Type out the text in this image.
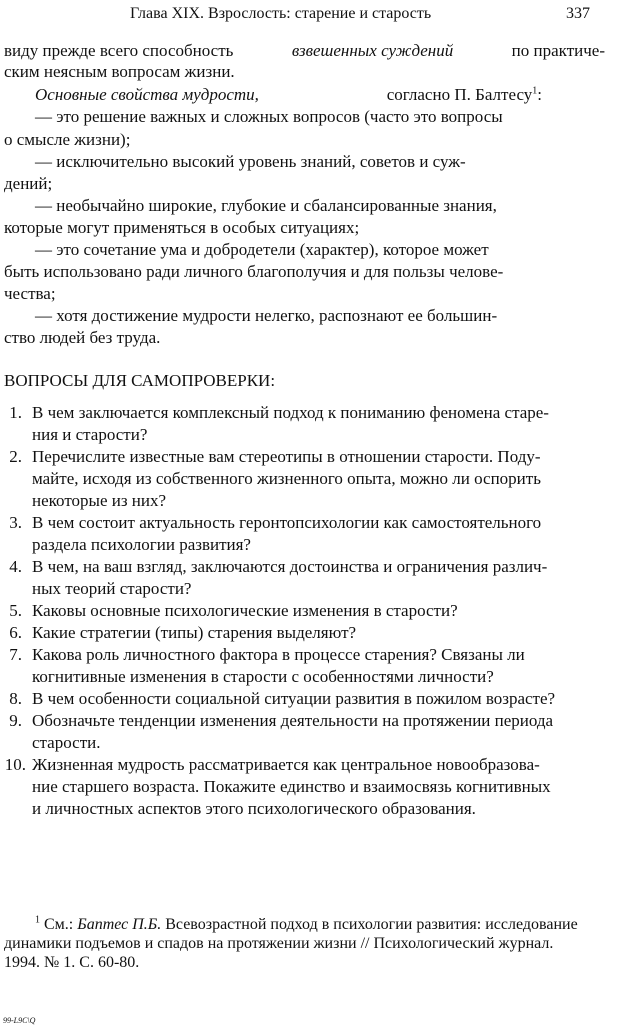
Глава XIX. Взрослость: старение и старость	337
виду прежде всего способность	взвешенных суждений	по практиче-
ским неясным вопросам жизни.
Основные свойства мудрости,	согласно П. Балтесу$^1$:
— это решение важных и сложных вопросов (часто это вопросы
о смысле жизни);
— исключительно высокий уровень знаний, советов и суж-
дений;
— необычайно широкие, глубокие и сбалансированные знания,
которые могут применяться в особых ситуациях;
— это сочетание ума и добродетели (характер), которое может
быть использовано ради личного благополучия и для пользы челове-
чества;
— хотя достижение мудрости нелегко, распознают ее большин-
ство людей без труда.
ВОПРОСЫ ДЛЯ САМОПРОВЕРКИ:
1. В чем заключается комплексный подход к пониманию феномена старе-
ния и старости?
2. Перечислите известные вам стереотипы в отношении старости. Поду-
майте, исходя из собственного жизненного опыта, можно ли оспорить
некоторые из них?
3. В чем состоит актуальность геронтопсихологии как самостоятельного
раздела психологии развития?
4. В чем, на ваш взгляд, заключаются достоинства и ограничения различ-
ных теорий старости?
5. Каковы основные психологические изменения в старости?
6. Какие стратегии (типы) старения выделяют?
7. Какова роль личностного фактора в процессе старения? Связаны ли
когнитивные изменения в старости с особенностями личности?
8. В чем особенности социальной ситуации развития в пожилом возрасте?
9. Обозначьте тенденции изменения деятельности на протяжении периода
старости.
10. Жизненная мудрость рассматривается как центральное новообразова-
ние старшего возраста. Покажите единство и взаимосвязь когнитивных
и личностных аспектов этого психологического образования.
$^1$ См.: Баптес П.Б. Всевозрастной подход в психологии развития: исследование
динамики подъемов и спадов на протяжении жизни // Психологический журнал.
1994. № 1. С. 60-80.
99-L9C\Q
